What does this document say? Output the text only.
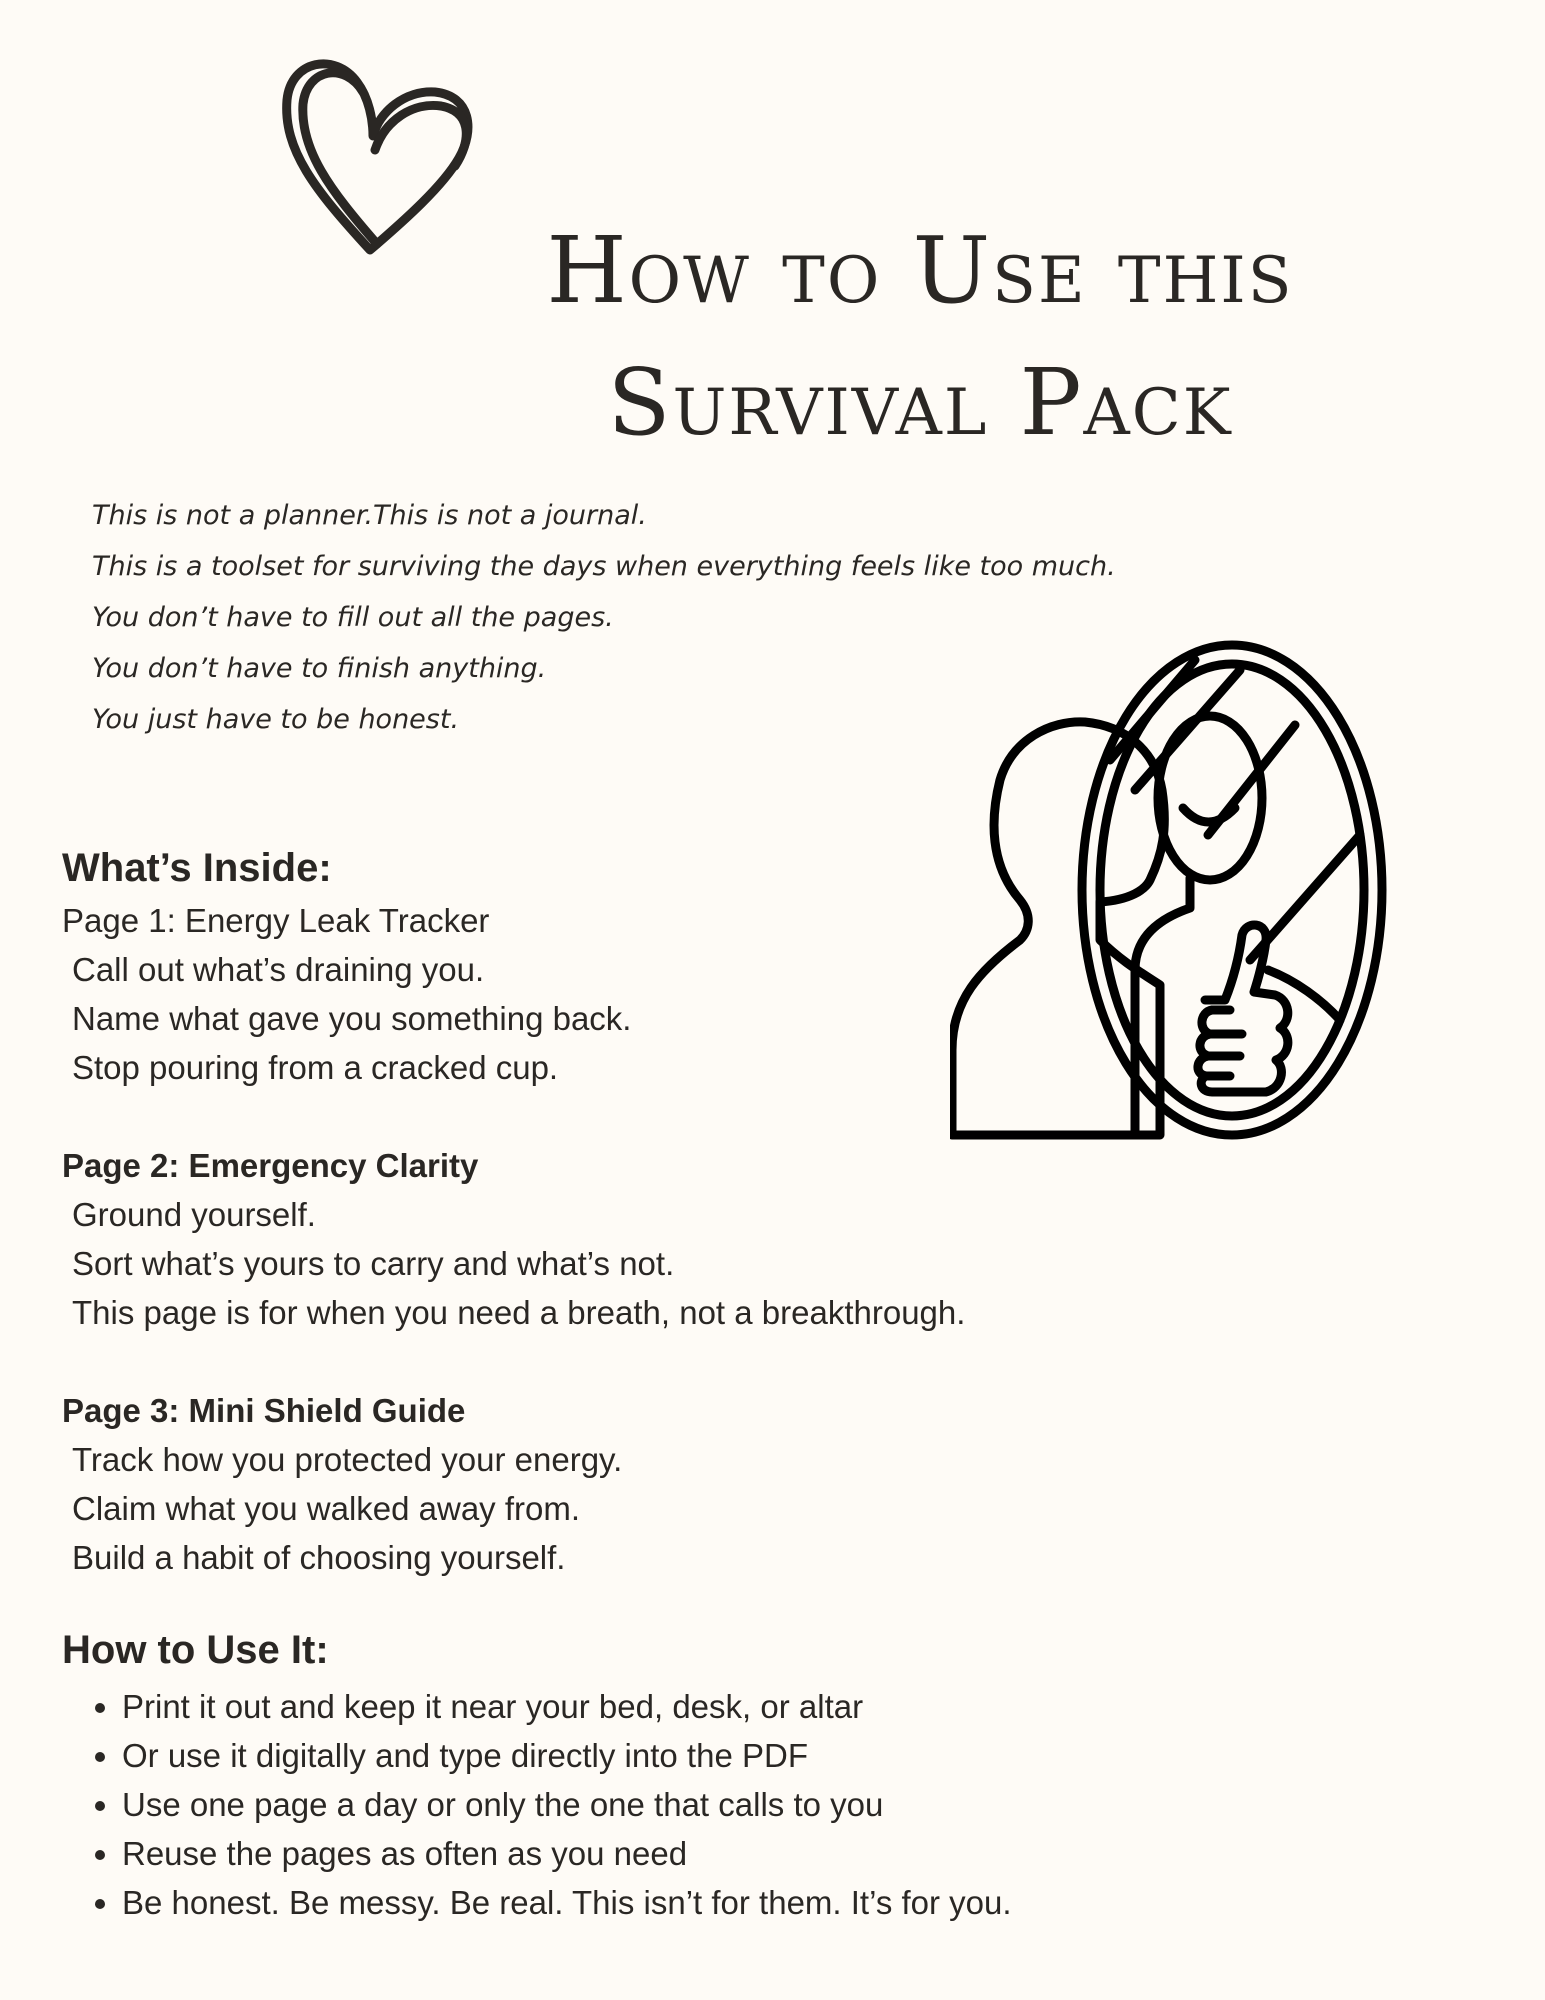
How to Use this
Survival Pack
This is not a planner.This is not a journal.
This is a toolset for surviving the days when everything feels like too much.
You don’t have to fill out all the pages.
You don’t have to finish anything.
You just have to be honest.
What’s Inside:

Page 1: Energy Leak Tracker

Call out what’s draining you.

Name what gave you something back.

Stop pouring from a cracked cup.

Page 2: Emergency Clarity

Ground yourself.

Sort what’s yours to carry and what’s not.

This page is for when you need a breath, not a breakthrough.

Page 3: Mini Shield Guide

Track how you protected your energy.

Claim what you walked away from.

Build a habit of choosing yourself.

How to Use It:
• Print it out and keep it near your bed, desk, or altar
• Or use it digitally and type directly into the PDF
• Use one page a day or only the one that calls to you
• Reuse the pages as often as you need
• Be honest. Be messy. Be real. This isn’t for them. It’s for you.
